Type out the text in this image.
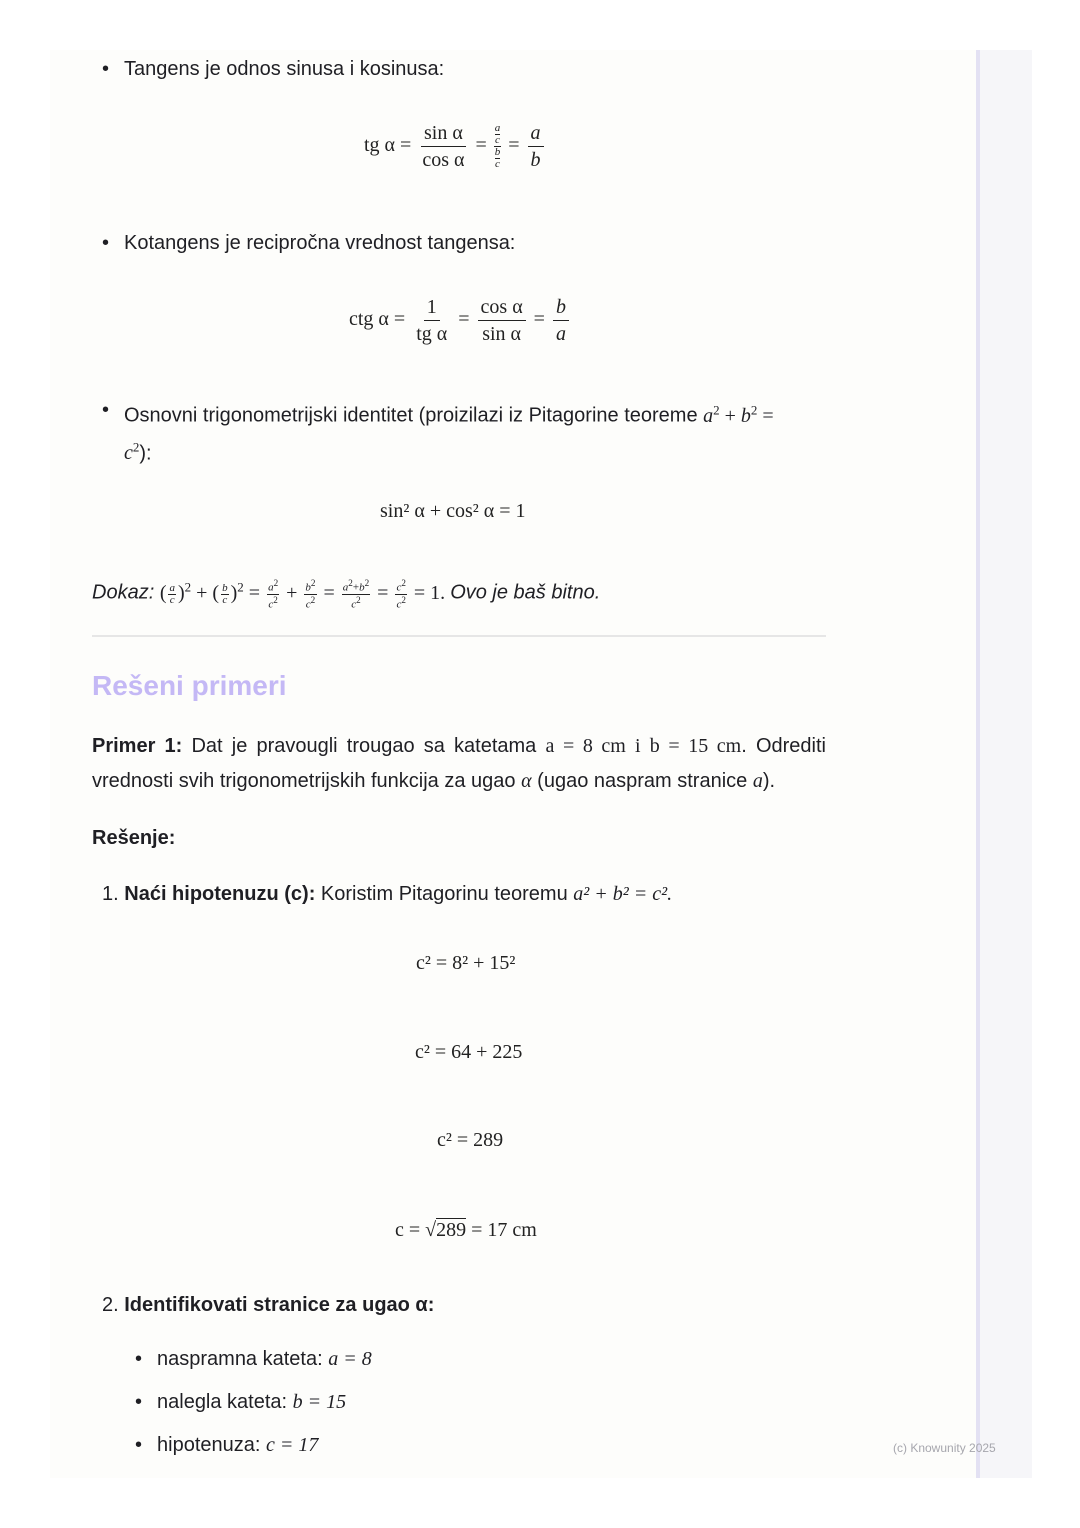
• Tangens je odnos sinusa i kosinusa:
tg $\alpha = \frac{\text{sin α}}{\text{cos α}} = a$
c
b
$c = \frac{a}{b}$
• Kotangens je recipročna vrednost tangensa:
ctg $\alpha = \frac{1}{\text{tg α}} = \frac{\text{cos α}}{\text{sin α}} = \frac{b}{a}$
• Osnovni trigonometrijski identitet (proizilazi iz Pitagorine teoreme $a^2 + b^2$ =
$c^2$):
sin² α + cos² α = 1
Dokaz: ( $\frac{a}{c} )^2$ + ( $\frac{b}{c} )^2 = \frac{a^2}{c^2} + \frac{b^2}{c^2} = \frac{a^2+b^2}{c^2} = \frac{c^2}{c^2} = 1$. Ovo je baš bitno.
Rešeni primeri
Primer 1: Dat je pravougli trougao sa katetama a = 8 cm i b = 15 cm. Odrediti vrednosti svih trigonometrijskih funkcija za ugao α (ugao naspram stranice a).
Rešenje:
1. Naći hipotenuzu (c): Koristim Pitagorinu teoremu a² + b² = c².
c² = 8² + 15²
c² = 64 + 225
c² = 289
c = √289 = 17 cm
2. Identifikovati stranice za ugao α:
• naspramna kateta: a = 8
• nalegla kateta: b = 15
• hipotenuza: c = 17	(c) Knowunity 2025
